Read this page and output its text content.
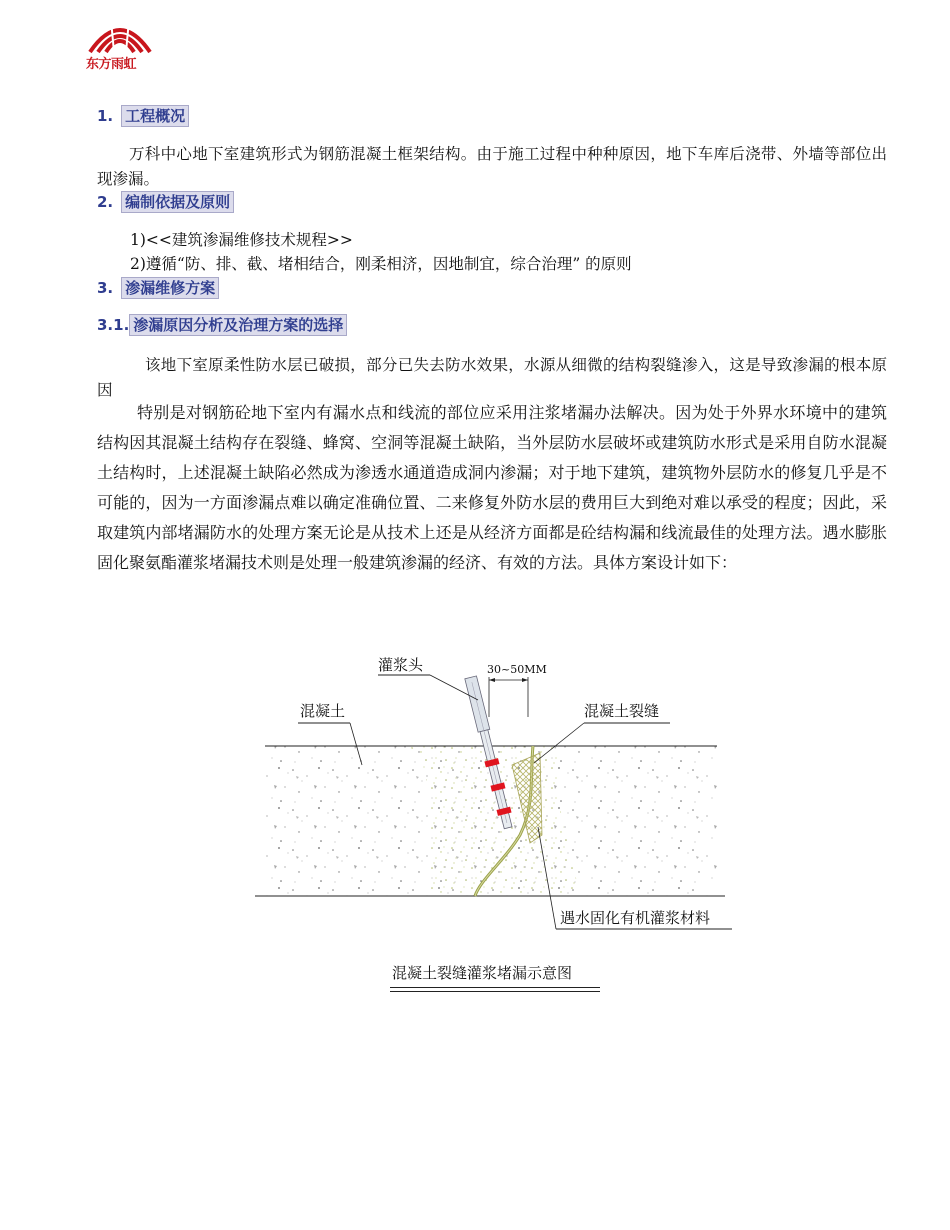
东方雨虹
1. 工程概况
万科中心地下室建筑形式为钢筋混凝土框架结构。由于施工过程中种种原因，地下车库后浇带、外墙等部位出现渗漏。
2. 编制依据及原则
1)<<建筑渗漏维修技术规程>>
2)遵循“防、排、截、堵相结合，刚柔相济，因地制宜，综合治理” 的原则
3. 渗漏维修方案
3.1. 渗漏原因分析及治理方案的选择
该地下室原柔性防水层已破损，部分已失去防水效果，水源从细微的结构裂缝渗入，这是导致渗漏的根本原因
特别是对钢筋砼地下室内有漏水点和线流的部位应采用注浆堵漏办法解决。因为处于外界水环境中的建筑结构因其混凝土结构存在裂缝、蜂窝、空洞等混凝土缺陷，当外层防水层破坏或建筑防水形式是采用自防水混凝土结构时，上述混凝土缺陷必然成为渗透水通道造成洞内渗漏；对于地下建筑，建筑物外层防水的修复几乎是不可能的，因为一方面渗漏点难以确定准确位置、二来修复外防水层的费用巨大到绝对难以承受的程度；因此，采取建筑内部堵漏防水的处理方案无论是从技术上还是从经济方面都是砼结构漏和线流最佳的处理方法。遇水膨胀固化聚氨酯灌浆堵漏技术则是处理一般建筑渗漏的经济、有效的方法。具体方案设计如下：
灌浆头	30~50MM
混凝土	混凝土裂缝
遇水固化有机灌浆材料
混凝土裂缝灌浆堵漏示意图
